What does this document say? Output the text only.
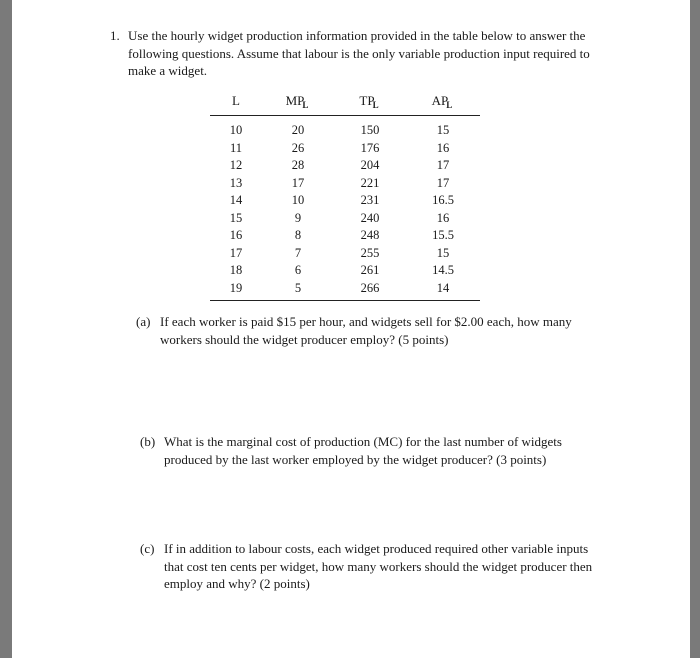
1. Use the hourly widget production information provided in the table below to answer the
following questions. Assume that labour is the only variable production input required to
make a widget.
L	$MP_L$	$TP_L$	$AP_L$
10	20	150	15
11	26	176	16
12	28	204	17
13	17	221	17
14	10	231	16.5
15	9	240	16
16	8	248	15.5
17	7	255	15
18	6	261	14.5
19	5	266	14
(a) If each worker is paid $15 per hour, and widgets sell for $2.00 each, how many
workers should the widget producer employ? (5 points)
(b) What is the marginal cost of production (MC) for the last number of widgets
produced by the last worker employed by the widget producer? (3 points)
(c) If in addition to labour costs, each widget produced required other variable inputs
that cost ten cents per widget, how many workers should the widget producer then
employ and why? (2 points)
